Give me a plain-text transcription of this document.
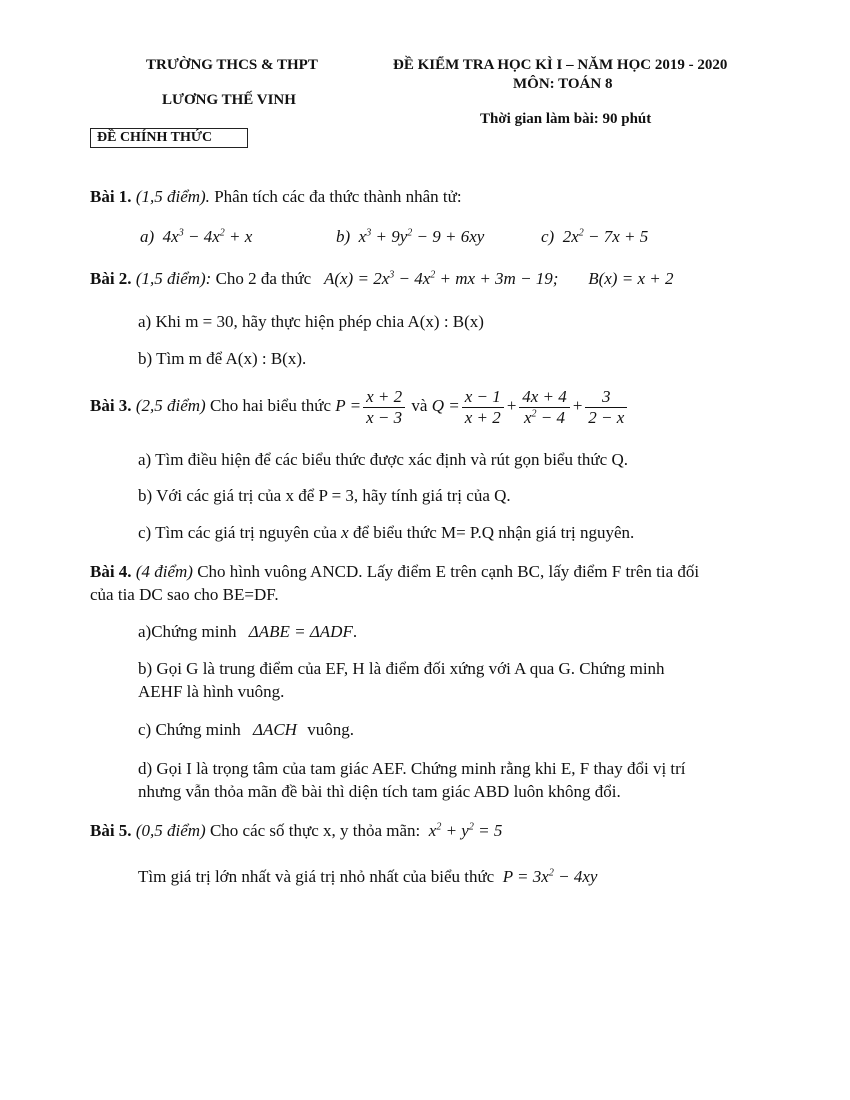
TRƯỜNG THCS & THPT
LƯƠNG THẾ VINH
ĐỀ KIỂM TRA HỌC KÌ I – NĂM HỌC 2019 - 2020
MÔN: TOÁN 8
Thời gian làm bài: 90 phút
ĐỀ CHÍNH THỨC
Bài 1. (1,5 điểm). Phân tích các đa thức thành nhân tử:
a)  $4x^3 - 4x^2 + x$	b)  $x^3 + 9y^2 - 9 + 6xy$	c)  $2x^2 - 7x + 5$
Bài 2. (1,5 điểm): Cho 2 đa thức   $A(x) = 2x^3 - 4x^2$ + mx + 3m − 19;       B(x) = x + 2
a) Khi m = 30, hãy thực hiện phép chia A(x) : B(x)
b) Tìm m để A(x) : B(x).
Bài 3. (2,5 điểm) Cho hai biểu thức $P = \frac{x + 2}{x - 3}$ và $Q = \frac{x - 1}{x + 2} + \frac{4x + 4}{x^2 - 4} + \frac{3}{2 - x}$
a) Tìm điều hiện để các biểu thức được xác định và rút gọn biểu thức Q.
b) Với các giá trị của x để P = 3, hãy tính giá trị của Q.
c) Tìm các giá trị nguyên của x để biểu thức M= P.Q nhận giá trị nguyên.
Bài 4. (4 điểm) Cho hình vuông ANCD. Lấy điểm E trên cạnh BC, lấy điểm F trên tia đối
của tia DC sao cho BE=DF.
a)Chứng minh ΔABE = ΔADF.
b) Gọi G là trung điểm của EF, H là điểm đối xứng với A qua G. Chứng minh
AEHF là hình vuông.
c) Chứng minh ΔACH vuông.
d) Gọi I là trọng tâm của tam giác AEF. Chứng minh rằng khi E, F thay đổi vị trí
nhưng vẫn thỏa mãn đề bài thì diện tích tam giác ABD luôn không đổi.
Bài 5. (0,5 điểm) Cho các số thực x, y thỏa mãn:  $x^2 + y^2 = 5$
Tìm giá trị lớn nhất và giá trị nhỏ nhất của biểu thức  $P = 3x^2 - 4xy$
